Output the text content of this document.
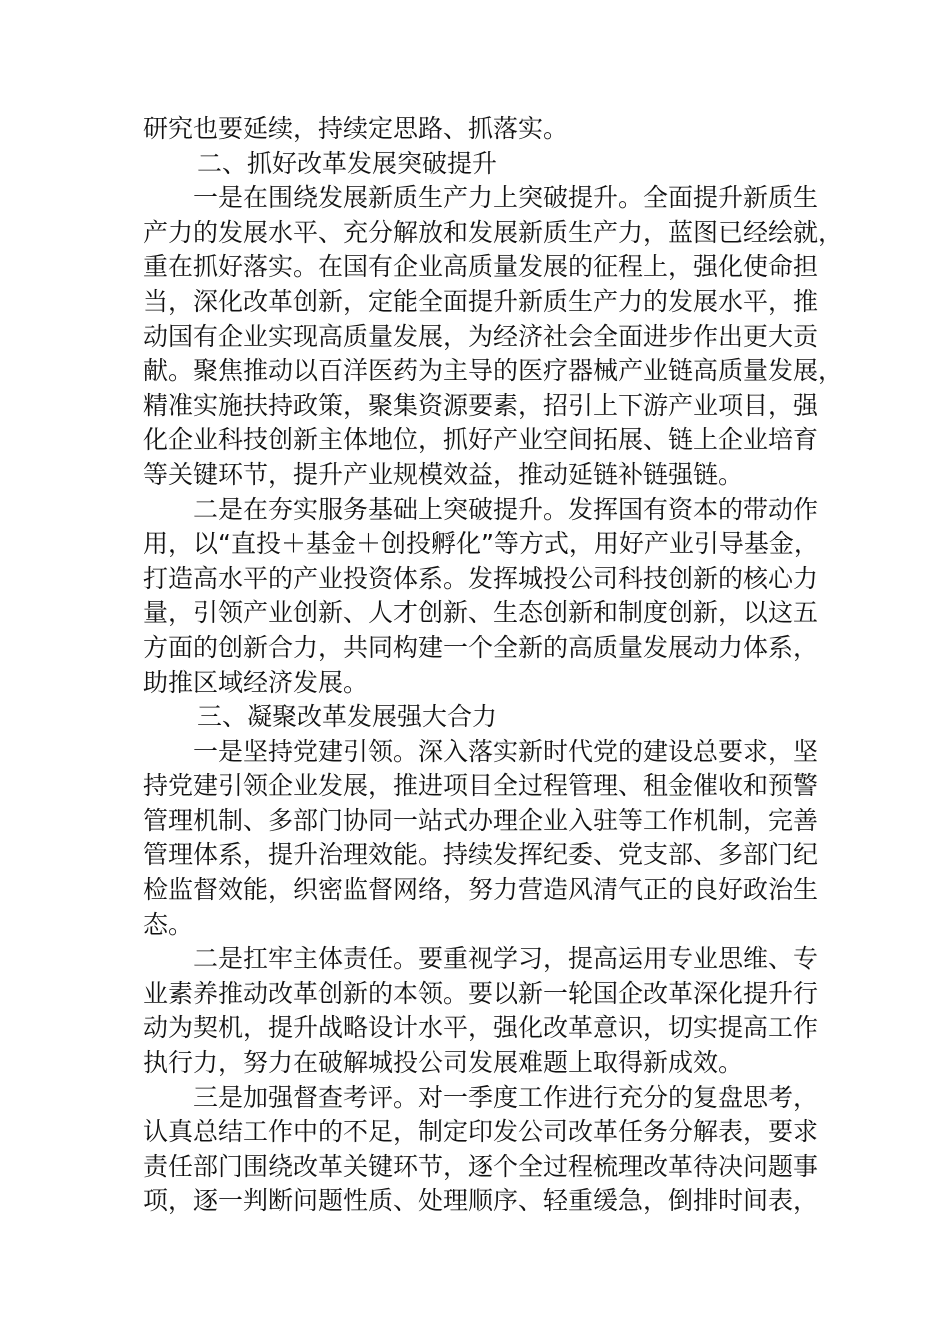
研究也要延续，持续定思路、抓落实。
二、抓好改革发展突破提升
一是在围绕发展新质生产力上突破提升。全面提升新质生
产力的发展水平、充分解放和发展新质生产力，蓝图已经绘就，
重在抓好落实。在国有企业高质量发展的征程上，强化使命担
当，深化改革创新，定能全面提升新质生产力的发展水平，推
动国有企业实现高质量发展，为经济社会全面进步作出更大贡
献。聚焦推动以百洋医药为主导的医疗器械产业链高质量发展，
精准实施扶持政策，聚集资源要素，招引上下游产业项目，强
化企业科技创新主体地位，抓好产业空间拓展、链上企业培育
等关键环节，提升产业规模效益，推动延链补链强链。
二是在夯实服务基础上突破提升。发挥国有资本的带动作
用，以“直投＋基金＋创投孵化”等方式，用好产业引导基金，
打造高水平的产业投资体系。发挥城投公司科技创新的核心力
量，引领产业创新、人才创新、生态创新和制度创新，以这五
方面的创新合力，共同构建一个全新的高质量发展动力体系，
助推区域经济发展。
三、凝聚改革发展强大合力
一是坚持党建引领。深入落实新时代党的建设总要求，坚
持党建引领企业发展，推进项目全过程管理、租金催收和预警
管理机制、多部门协同一站式办理企业入驻等工作机制，完善
管理体系，提升治理效能。持续发挥纪委、党支部、多部门纪
检监督效能，织密监督网络，努力营造风清气正的良好政治生
态。
二是扛牢主体责任。要重视学习，提高运用专业思维、专
业素养推动改革创新的本领。要以新一轮国企改革深化提升行
动为契机，提升战略设计水平，强化改革意识，切实提高工作
执行力，努力在破解城投公司发展难题上取得新成效。
三是加强督查考评。对一季度工作进行充分的复盘思考，
认真总结工作中的不足，制定印发公司改革任务分解表，要求
责任部门围绕改革关键环节，逐个全过程梳理改革待决问题事
项，逐一判断问题性质、处理顺序、轻重缓急，倒排时间表，
